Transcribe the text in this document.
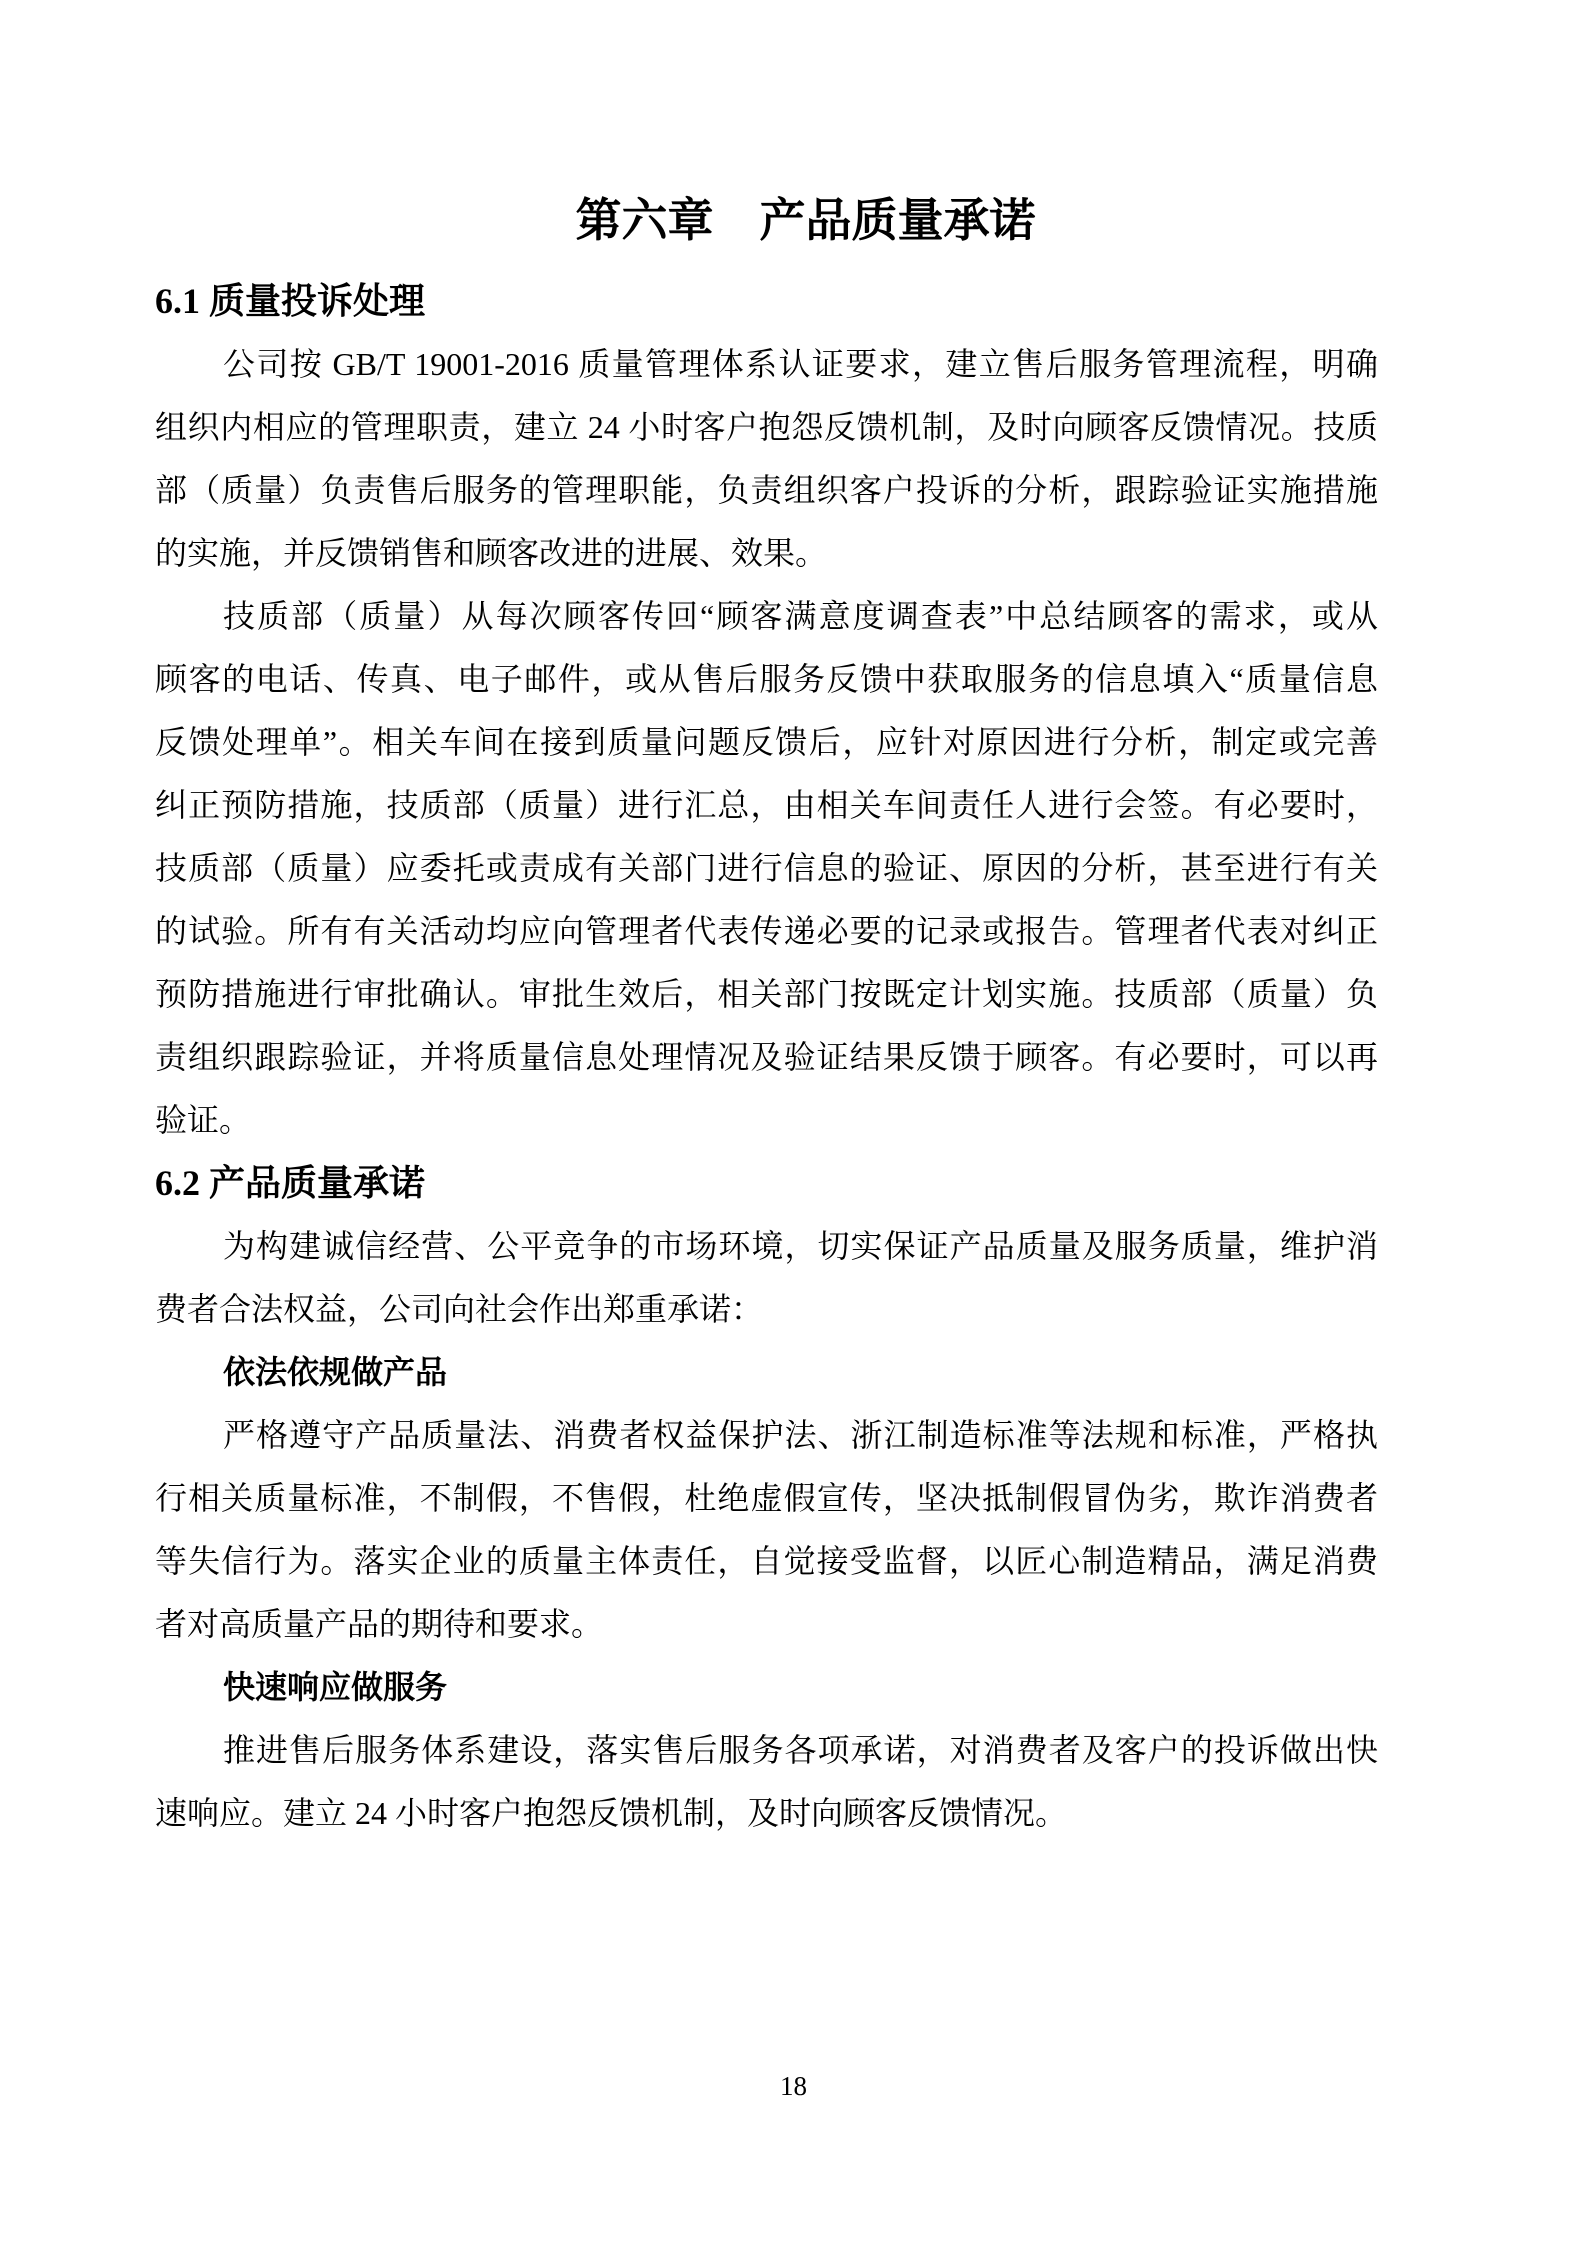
第六章　产品质量承诺
6.1 质量投诉处理
公司按 GB/T 19001-2016 质量管理体系认证要求，建立售后服务管理流程，明确
组织内相应的管理职责，建立 24 小时客户抱怨反馈机制，及时向顾客反馈情况。技质
部（质量）负责售后服务的管理职能，负责组织客户投诉的分析，跟踪验证实施措施
的实施，并反馈销售和顾客改进的进展、效果。
技质部（质量）从每次顾客传回“顾客满意度调查表”中总结顾客的需求，或从
顾客的电话、传真、电子邮件，或从售后服务反馈中获取服务的信息填入“质量信息
反馈处理单”。相关车间在接到质量问题反馈后，应针对原因进行分析，制定或完善
纠正预防措施，技质部（质量）进行汇总，由相关车间责任人进行会签。有必要时，
技质部（质量）应委托或责成有关部门进行信息的验证、原因的分析，甚至进行有关
的试验。所有有关活动均应向管理者代表传递必要的记录或报告。管理者代表对纠正
预防措施进行审批确认。审批生效后，相关部门按既定计划实施。技质部（质量）负
责组织跟踪验证，并将质量信息处理情况及验证结果反馈于顾客。有必要时，可以再
验证。
6.2 产品质量承诺
为构建诚信经营、公平竞争的市场环境，切实保证产品质量及服务质量，维护消
费者合法权益，公司向社会作出郑重承诺：
依法依规做产品
严格遵守产品质量法、消费者权益保护法、浙江制造标准等法规和标准，严格执
行相关质量标准，不制假，不售假，杜绝虚假宣传，坚决抵制假冒伪劣，欺诈消费者
等失信行为。落实企业的质量主体责任，自觉接受监督，以匠心制造精品，满足消费
者对高质量产品的期待和要求。
快速响应做服务
推进售后服务体系建设，落实售后服务各项承诺，对消费者及客户的投诉做出快
速响应。建立 24 小时客户抱怨反馈机制，及时向顾客反馈情况。
18
